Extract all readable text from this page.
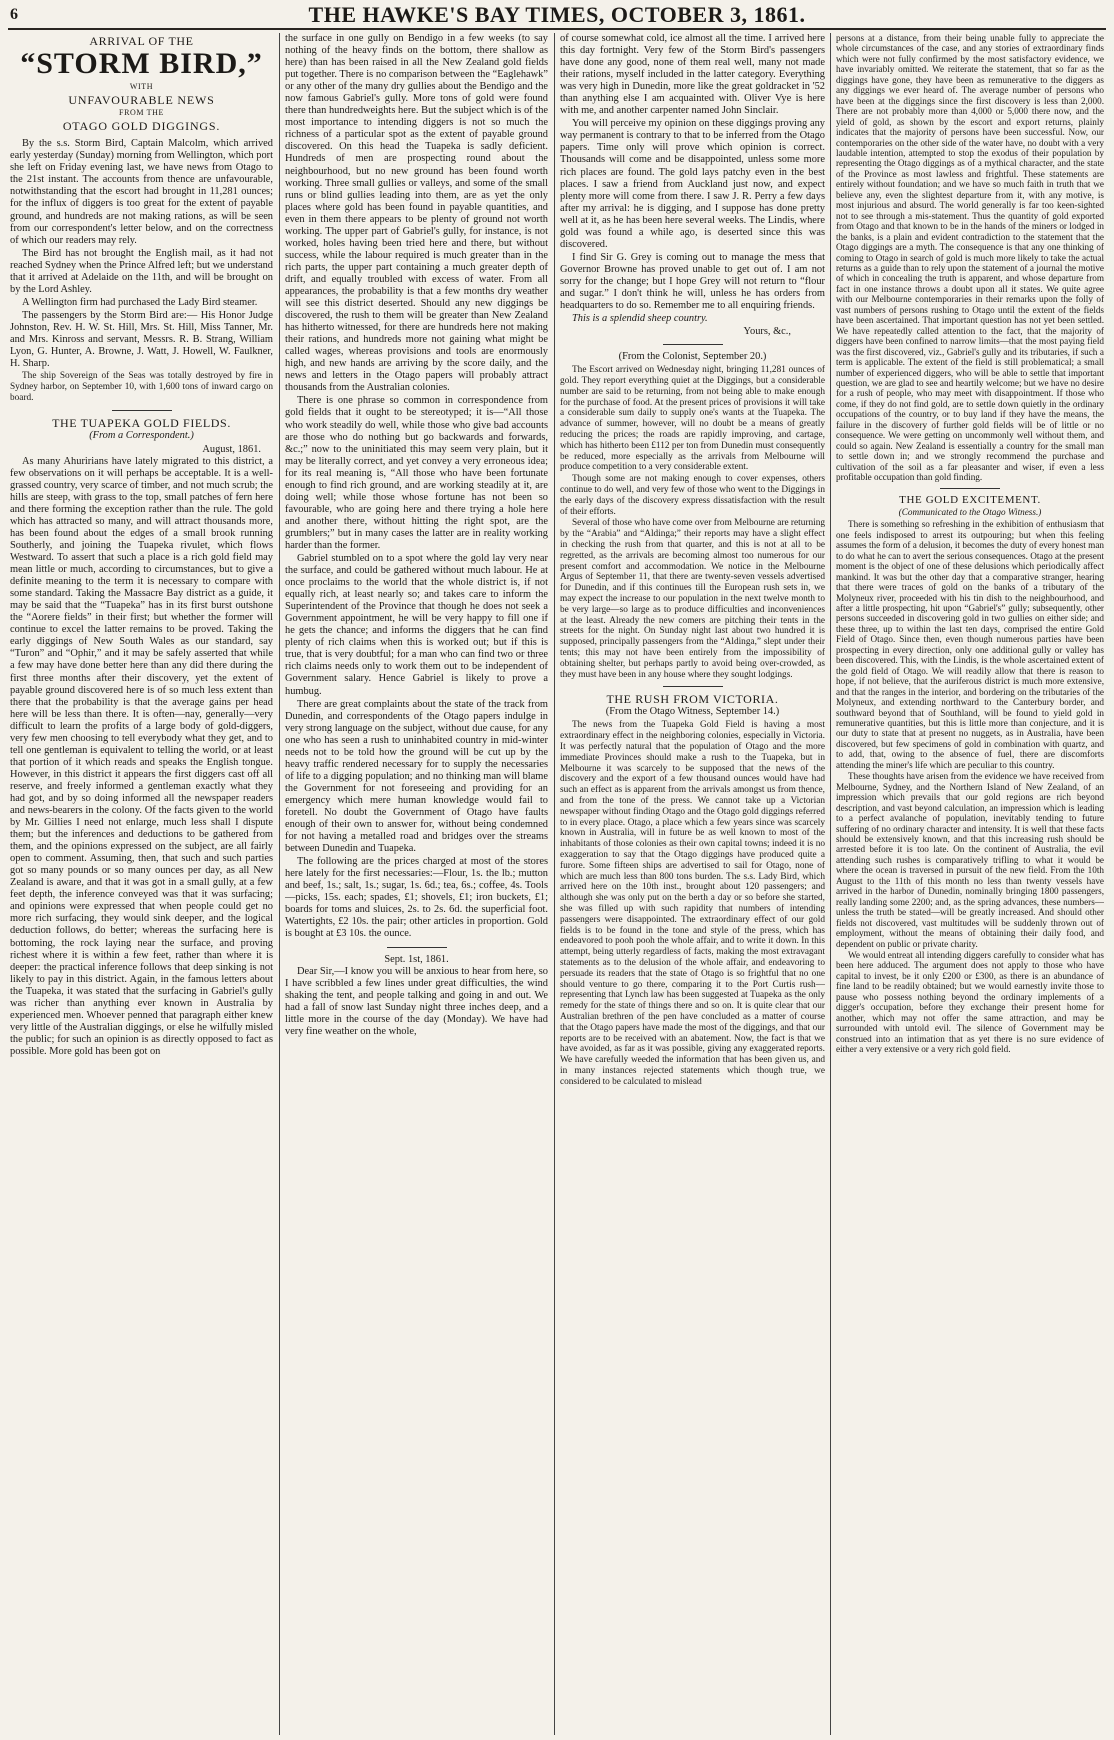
6	THE HAWKE'S BAY TIMES, OCTOBER 3, 1861.
ARRIVAL OF THE
“STORM BIRD,”
WITH
UNFAVOURABLE NEWS
FROM THE
OTAGO GOLD DIGGINGS.

By the s.s. Storm Bird, Captain Malcolm, which arrived early yesterday (Sunday) morning from Wellington, which port she left on Friday evening last, we have news from Otago to the 21st instant. The accounts from thence are unfavourable, notwithstanding that the escort had brought in 11,281 ounces; for the influx of diggers is too great for the extent of payable ground, and hundreds are not making rations, as will be seen from our correspondent's letter below, and on the correctness of which our readers may rely.

The Bird has not brought the English mail, as it had not reached Sydney when the Prince Alfred left; but we understand that it arrived at Adelaide on the 11th, and will be brought on by the Lord Ashley.

A Wellington firm had purchased the Lady Bird steamer.

The passengers by the Storm Bird are:— His Honor Judge Johnston, Rev. H. W. St. Hill, Mrs. St. Hill, Miss Tanner, Mr. and Mrs. Kinross and servant, Messrs. R. B. Strang, William Lyon, G. Hunter, A. Browne, J. Watt, J. Howell, W. Faulkner, H. Sharp.

The ship Sovereign of the Seas was totally destroyed by fire in Sydney harbor, on September 10, with 1,600 tons of inward cargo on board.

THE TUAPEKA GOLD FIELDS.
(From a Correspondent.)
August, 1861.

As many Ahuririans have lately migrated to this district, a few observations on it will perhaps be acceptable. It is a well-grassed country, very scarce of timber, and not much scrub; the hills are steep, with grass to the top, small patches of fern here and there forming the exception rather than the rule. The gold which has attracted so many, and will attract thousands more, has been found about the edges of a small brook running Southerly, and joining the Tuapeka rivulet, which flows Westward. To assert that such a place is a rich gold field may mean little or much, according to circumstances, but to give a definite meaning to the term it is necessary to compare with some standard. Taking the Massacre Bay district as a guide, it may be said that the “Tuapeka” has in its first burst outshone the “Aorere fields” in their first; but whether the former will continue to excel the latter remains to be proved. Taking the early diggings of New South Wales as our standard, say “Turon” and “Ophir,” and it may be safely asserted that while a few may have done better here than any did there during the first three months after their discovery, yet the extent of payable ground discovered here is of so much less extent than there that the probability is that the average gains per head here will be less than there. It is often—nay, generally—very difficult to learn the profits of a large body of gold-diggers, very few men choosing to tell everybody what they get, and to tell one gentleman is equivalent to telling the world, or at least that portion of it which reads and speaks the English tongue. However, in this district it appears the first diggers cast off all reserve, and freely informed a gentleman exactly what they had got, and by so doing informed all the newspaper readers and news-bearers in the colony. Of the facts given to the world by Mr. Gillies I need not enlarge, much less shall I dispute them; but the inferences and deductions to be gathered from them, and the opinions expressed on the subject, are all fairly open to comment. Assuming, then, that such and such parties got so many pounds or so many ounces per day, as all New Zealand is aware, and that it was got in a small gully, at a few feet depth, the inference conveyed was that it was surfacing; and opinions were expressed that when people could get no more rich surfacing, they would sink deeper, and the logical deduction follows, do better; whereas the surfacing here is bottoming, the rock laying near the surface, and proving richest where it is within a few feet, rather than where it is deeper: the practical inference follows that deep sinking is not likely to pay in this district. Again, in the famous letters about the Tuapeka, it was stated that the surfacing in Gabriel's gully was richer than anything ever known in Australia by experienced men. Whoever penned that paragraph either knew very little of the Australian diggings, or else he wilfully misled the public; for such an opinion is as directly opposed to fact as possible. More gold has been got on

the surface in one gully on Bendigo in a few weeks (to say nothing of the heavy finds on the bottom, there shallow as here) than has been raised in all the New Zealand gold fields put together. There is no comparison between the “Eaglehawk” or any other of the many dry gullies about the Bendigo and the now famous Gabriel's gully. More tons of gold were found there than hundredweights here. But the subject which is of the most importance to intending diggers is not so much the richness of a particular spot as the extent of payable ground discovered. On this head the Tuapeka is sadly deficient. Hundreds of men are prospecting round about the neighbourhood, but no new ground has been found worth working. Three small gullies or valleys, and some of the small runs or blind gullies leading into them, are as yet the only places where gold has been found in payable quantities, and even in them there appears to be plenty of ground not worth working. The upper part of Gabriel's gully, for instance, is not worked, holes having been tried here and there, but without success, while the labour required is much greater than in the rich parts, the upper part containing a much greater depth of drift, and equally troubled with excess of water. From all appearances, the probability is that a few months dry weather will see this district deserted. Should any new diggings be discovered, the rush to them will be greater than New Zealand has hitherto witnessed, for there are hundreds here not making their rations, and hundreds more not gaining what might be called wages, whereas provisions and tools are enormously high, and new hands are arriving by the score daily, and the news and letters in the Otago papers will probably attract thousands from the Australian colonies.

There is one phrase so common in correspondence from gold fields that it ought to be stereotyped; it is—“All those who work steadily do well, while those who give bad accounts are those who do nothing but go backwards and forwards, &c.;” now to the uninitiated this may seem very plain, but it may be literally correct, and yet convey a very erroneous idea; for its real meaning is, “All those who have been fortunate enough to find rich ground, and are working steadily at it, are doing well; while those whose fortune has not been so favourable, who are going here and there trying a hole here and another there, without hitting the right spot, are the grumblers;” but in many cases the latter are in reality working harder than the former.

Gabriel stumbled on to a spot where the gold lay very near the surface, and could be gathered without much labour. He at once proclaims to the world that the whole district is, if not equally rich, at least nearly so; and takes care to inform the Superintendent of the Province that though he does not seek a Government appointment, he will be very happy to fill one if he gets the chance; and informs the diggers that he can find plenty of rich claims when this is worked out; but if this is true, that is very doubtful; for a man who can find two or three rich claims needs only to work them out to be independent of Government salary. Hence Gabriel is likely to prove a humbug.

There are great complaints about the state of the track from Dunedin, and correspondents of the Otago papers indulge in very strong language on the subject, without due cause, for any one who has seen a rush to uninhabited country in mid-winter needs not to be told how the ground will be cut up by the heavy traffic rendered necessary for to supply the necessaries of life to a digging population; and no thinking man will blame the Government for not foreseeing and providing for an emergency which mere human knowledge would fail to foretell. No doubt the Government of Otago have faults enough of their own to answer for, without being condemned for not having a metalled road and bridges over the streams between Dunedin and Tuapeka.

The following are the prices charged at most of the stores here lately for the first necessaries:—Flour, 1s. the lb.; mutton and beef, 1s.; salt, 1s.; sugar, 1s. 6d.; tea, 6s.; coffee, 4s. Tools—picks, 15s. each; spades, £1; shovels, £1; iron buckets, £1; boards for toms and sluices, 2s. to 2s. 6d. the superficial foot. Watertights, £2 10s. the pair; other articles in proportion. Gold is bought at £3 10s. the ounce.

Sept. 1st, 1861.

Dear Sir,—I know you will be anxious to hear from here, so I have scribbled a few lines under great difficulties, the wind shaking the tent, and people talking and going in and out. We had a fall of snow last Sunday night three inches deep, and a little more in the course of the day (Monday). We have had very fine weather on the whole,

of course somewhat cold, ice almost all the time. I arrived here this day fortnight. Very few of the Storm Bird's passengers have done any good, none of them real well, many not made their rations, myself included in the latter category. Everything was very high in Dunedin, more like the great goldracket in '52 than anything else I am acquainted with. Oliver Vye is here with me, and another carpenter named John Sinclair.

You will perceive my opinion on these diggings proving any way permanent is contrary to that to be inferred from the Otago papers. Time only will prove which opinion is correct. Thousands will come and be disappointed, unless some more rich places are found. The gold lays patchy even in the best places. I saw a friend from Auckland just now, and expect plenty more will come from there. I saw J. R. Perry a few days after my arrival: he is digging, and I suppose has done pretty well at it, as he has been here several weeks. The Lindis, where gold was found a while ago, is deserted since this was discovered.

I find Sir G. Grey is coming out to manage the mess that Governor Browne has proved unable to get out of. I am not sorry for the change; but I hope Grey will not return to “flour and sugar.” I don't think he will, unless he has orders from headquarters to do so. Remember me to all enquiring friends.

This is a splendid sheep country.

Yours, &c.,
(From the Colonist, September 20.)

The Escort arrived on Wednesday night, bringing 11,281 ounces of gold. They report everything quiet at the Diggings, but a considerable number are said to be returning, from not being able to make enough for the purchase of food. At the present prices of provisions it will take a considerable sum daily to supply one's wants at the Tuapeka. The advance of summer, however, will no doubt be a means of greatly reducing the prices; the roads are rapidly improving, and cartage, which has hitherto been £112 per ton from Dunedin must consequently be reduced, more especially as the arrivals from Melbourne will produce competition to a very considerable extent.

Though some are not making enough to cover expenses, others continue to do well, and very few of those who went to the Diggings in the early days of the discovery express dissatisfaction with the result of their efforts.

Several of those who have come over from Melbourne are returning by the “Arabia” and “Aldinga;” their reports may have a slight effect in checking the rush from that quarter, and this is not at all to be regretted, as the arrivals are becoming almost too numerous for our present comfort and accommodation. We notice in the Melbourne Argus of September 11, that there are twenty-seven vessels advertised for Dunedin, and if this continues till the European rush sets in, we may expect the increase to our population in the next twelve month to be very large—so large as to produce difficulties and inconveniences at the least. Already the new comers are pitching their tents in the streets for the night. On Sunday night last about two hundred it is supposed, principally passengers from the “Aldinga,” slept under their tents; this may not have been entirely from the impossibility of obtaining shelter, but perhaps partly to avoid being over-crowded, as they must have been in any house where they sought lodgings.

THE RUSH FROM VICTORIA.
(From the Otago Witness, September 14.)

The news from the Tuapeka Gold Field is having a most extraordinary effect in the neighboring colonies, especially in Victoria. It was perfectly natural that the population of Otago and the more immediate Provinces should make a rush to the Tuapeka, but in Melbourne it was scarcely to be supposed that the news of the discovery and the export of a few thousand ounces would have had such an effect as is apparent from the arrivals amongst us from thence, and from the tone of the press. We cannot take up a Victorian newspaper without finding Otago and the Otago gold diggings referred to in every place. Otago, a place which a few years since was scarcely known in Australia, will in future be as well known to most of the inhabitants of those colonies as their own capital towns; indeed it is no exaggeration to say that the Otago diggings have produced quite a furore. Some fifteen ships are advertised to sail for Otago, none of which are much less than 800 tons burden. The s.s. Lady Bird, which arrived here on the 10th inst., brought about 120 passengers; and although she was only put on the berth a day or so before she started, she was filled up with such rapidity that numbers of intending passengers were disappointed. The extraordinary effect of our gold fields is to be found in the tone and style of the press, which has endeavored to pooh pooh the whole affair, and to write it down. In this attempt, being utterly regardless of facts, making the most extravagant statements as to the delusion of the whole affair, and endeavoring to persuade its readers that the state of Otago is so frightful that no one should venture to go there, comparing it to the Port Curtis rush—representing that Lynch law has been suggested at Tuapeka as the only remedy for the state of things there and so on. It is quite clear that our Australian brethren of the pen have concluded as a matter of course that the Otago papers have made the most of the diggings, and that our reports are to be received with an abatement. Now, the fact is that we have avoided, as far as it was possible, giving any exaggerated reports. We have carefully weeded the information that has been given us, and in many instances rejected statements which though true, we considered to be calculated to mislead

persons at a distance, from their being unable fully to appreciate the whole circumstances of the case, and any stories of extraordinary finds which were not fully confirmed by the most satisfactory evidence, we have invariably omitted. We reiterate the statement, that so far as the diggings have gone, they have been as remunerative to the diggers as any diggings we ever heard of. The average number of persons who have been at the diggings since the first discovery is less than 2,000. There are not probably more than 4,000 or 5,000 there now, and the yield of gold, as shown by the escort and export returns, plainly indicates that the majority of persons have been successful. Now, our contemporaries on the other side of the water have, no doubt with a very laudable intention, attempted to stop the exodus of their population by representing the Otago diggings as of a mythical character, and the state of the Province as most lawless and frightful. These statements are entirely without foundation; and we have so much faith in truth that we believe any, even the slightest departure from it, with any motive, is most injurious and absurd. The world generally is far too keen-sighted not to see through a mis-statement. Thus the quantity of gold exported from Otago and that known to be in the hands of the miners or lodged in the banks, is a plain and evident contradiction to the statement that the Otago diggings are a myth. The consequence is that any one thinking of coming to Otago in search of gold is much more likely to take the actual returns as a guide than to rely upon the statement of a journal the motive of which in concealing the truth is apparent, and whose departure from fact in one instance throws a doubt upon all it states. We quite agree with our Melbourne contemporaries in their remarks upon the folly of vast numbers of persons rushing to Otago until the extent of the fields have been ascertained. That important question has not yet been settled. We have repeatedly called attention to the fact, that the majority of diggers have been confined to narrow limits—that the most paying field was the first discovered, viz., Gabriel's gully and its tributaries, if such a term is applicable. The extent of the field is still problematical; a small number of experienced diggers, who will be able to settle that important question, we are glad to see and heartily welcome; but we have no desire for a rush of people, who may meet with disappointment. If those who come, if they do not find gold, are to settle down quietly in the ordinary occupations of the country, or to buy land if they have the means, the failure in the discovery of further gold fields will be of little or no consequence. We were getting on uncommonly well without them, and could so again. New Zealand is essentially a country for the small man to settle down in; and we strongly recommend the purchase and cultivation of the soil as a far pleasanter and wiser, if even a less profitable occupation than gold finding.

THE GOLD EXCITEMENT.
(Communicated to the Otago Witness.)

There is something so refreshing in the exhibition of enthusiasm that one feels indisposed to arrest its outpouring; but when this feeling assumes the form of a delusion, it becomes the duty of every honest man to do what he can to avert the serious consequences. Otago at the present moment is the object of one of these delusions which periodically affect mankind. It was but the other day that a comparative stranger, hearing that there were traces of gold on the banks of a tributary of the Molyneux river, proceeded with his tin dish to the neighbourhood, and after a little prospecting, hit upon “Gabriel's” gully; subsequently, other persons succeeded in discovering gold in two gullies on either side; and these three, up to within the last ten days, comprised the entire Gold Field of Otago. Since then, even though numerous parties have been prospecting in every direction, only one additional gully or valley has been discovered. This, with the Lindis, is the whole ascertained extent of the gold field of Otago. We will readily allow that there is reason to hope, if not believe, that the auriferous district is much more extensive, and that the ranges in the interior, and bordering on the tributaries of the Molyneux, and extending northward to the Canterbury border, and southward beyond that of Southland, will be found to yield gold in remunerative quantities, but this is little more than conjecture, and it is our duty to state that at present no nuggets, as in Australia, have been discovered, but few specimens of gold in combination with quartz, and to add, that, owing to the absence of fuel, there are discomforts attending the miner's life which are peculiar to this country.

These thoughts have arisen from the evidence we have received from Melbourne, Sydney, and the Northern Island of New Zealand, of an impression which prevails that our gold regions are rich beyond description, and vast beyond calculation, an impression which is leading to a perfect avalanche of population, inevitably tending to future suffering of no ordinary character and intensity. It is well that these facts should be extensively known, and that this increasing rush should be arrested before it is too late. On the continent of Australia, the evil attending such rushes is comparatively trifling to what it would be where the ocean is traversed in pursuit of the new field. From the 10th August to the 11th of this month no less than twenty vessels have arrived in the harbor of Dunedin, nominally bringing 1800 passengers, really landing some 2200; and, as the spring advances, these numbers—unless the truth be stated—will be greatly increased. And should other fields not discovered, vast multitudes will be suddenly thrown out of employment, without the means of obtaining their daily food, and dependent on public or private charity.

We would entreat all intending diggers carefully to consider what has been here adduced. The argument does not apply to those who have capital to invest, be it only £200 or £300, as there is an abundance of fine land to be readily obtained; but we would earnestly invite those to pause who possess nothing beyond the ordinary implements of a digger's occupation, before they exchange their present home for another, which may not offer the same attraction, and may be surrounded with untold evil. The silence of Government may be construed into an intimation that as yet there is no sure evidence of either a very extensive or a very rich gold field.
